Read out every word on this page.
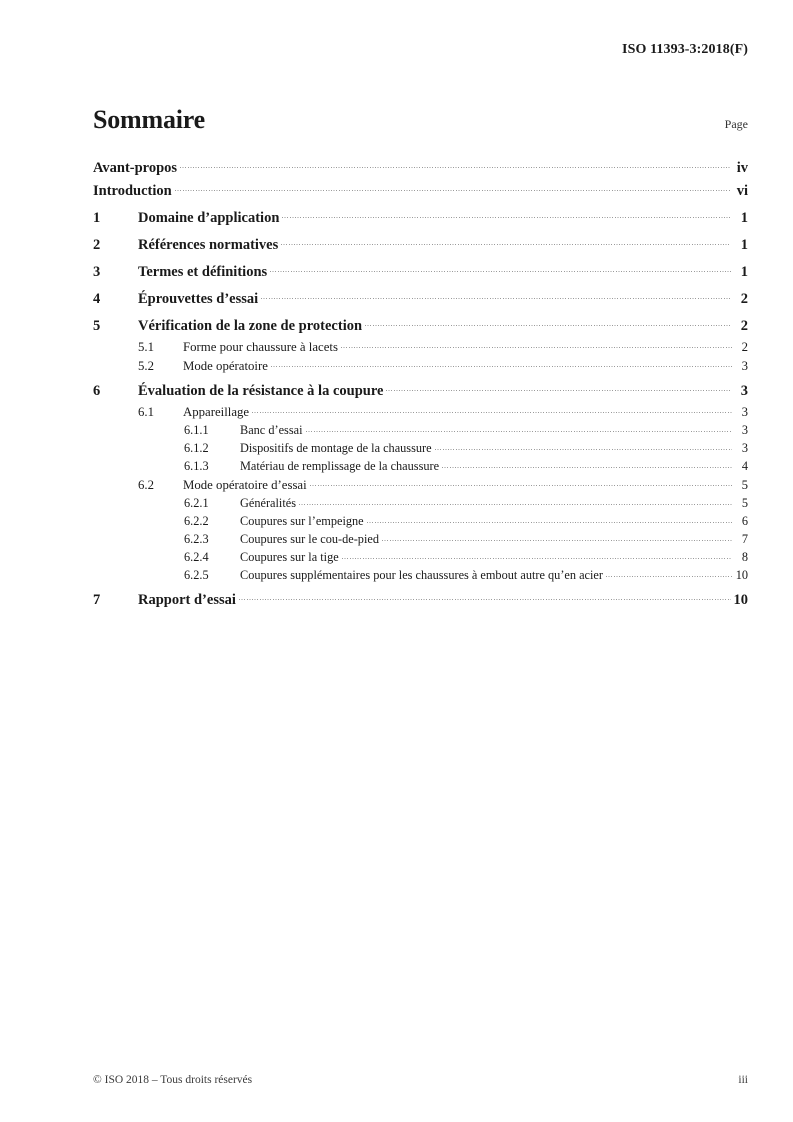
ISO 11393-3:2018(F)
Sommaire	Page
Avant-propos	iv
Introduction	vi
1	Domaine d’application	1
2	Références normatives	1
3	Termes et définitions	1
4	Éprouvettes d’essai	2
5	Vérification de la zone de protection	2
5.1	Forme pour chaussure à lacets	2
5.2	Mode opératoire	3
6	Évaluation de la résistance à la coupure	3
6.1	Appareillage	3
6.1.1	Banc d’essai	3
6.1.2	Dispositifs de montage de la chaussure	3
6.1.3	Matériau de remplissage de la chaussure	4
6.2	Mode opératoire d’essai	5
6.2.1	Généralités	5
6.2.2	Coupures sur l’empeigne	6
6.2.3	Coupures sur le cou-de-pied	7
6.2.4	Coupures sur la tige	8
6.2.5	Coupures supplémentaires pour les chaussures à embout autre qu’en acier	10
7	Rapport d’essai	10
© ISO 2018 – Tous droits réservés	iii
